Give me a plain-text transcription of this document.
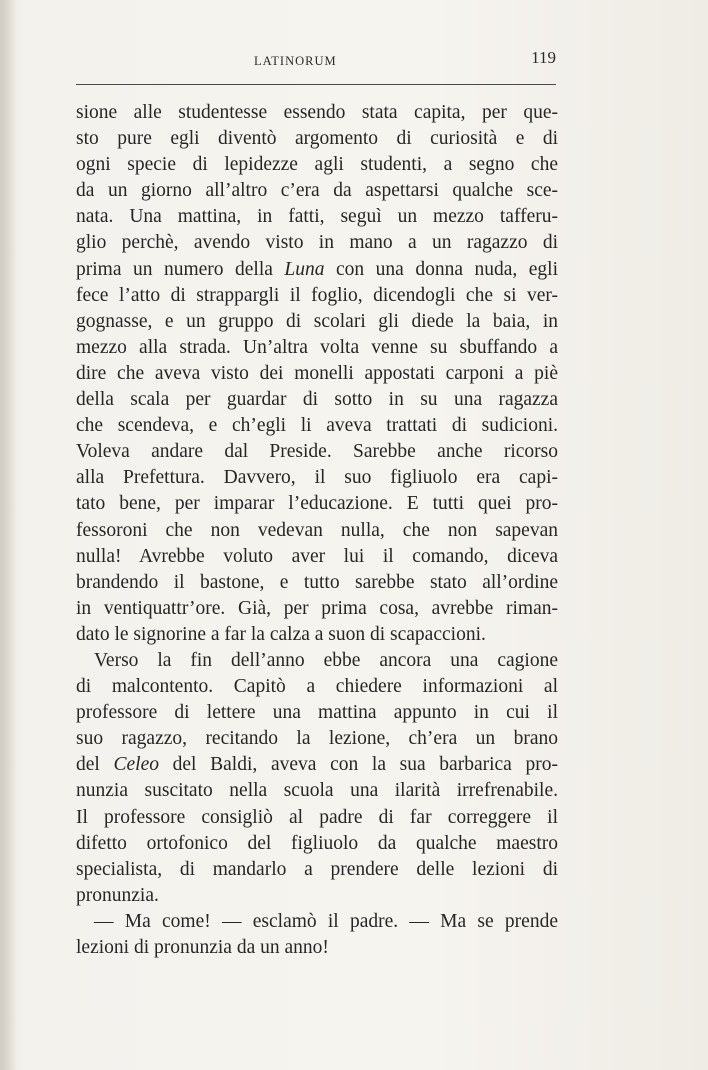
LATINORUM	119
sione alle studentesse essendo stata capita, per que-
sto pure egli diventò argomento di curiosità e di
ogni specie di lepidezze agli studenti, a segno che
da un giorno all’altro c’era da aspettarsi qualche sce-
nata. Una mattina, in fatti, seguì un mezzo tafferu-
glio perchè, avendo visto in mano a un ragazzo di
prima un numero della Luna con una donna nuda, egli
fece l’atto di strappargli il foglio, dicendogli che si ver-
gognasse, e un gruppo di scolari gli diede la baia, in
mezzo alla strada. Un’altra volta venne su sbuffando a
dire che aveva visto dei monelli appostati carponi a piè
della scala per guardar di sotto in su una ragazza
che scendeva, e ch’egli li aveva trattati di sudicioni.
Voleva andare dal Preside. Sarebbe anche ricorso
alla Prefettura. Davvero, il suo figliuolo era capi-
tato bene, per imparar l’educazione. E tutti quei pro-
fessoroni che non vedevan nulla, che non sapevan
nulla! Avrebbe voluto aver lui il comando, diceva
brandendo il bastone, e tutto sarebbe stato all’ordine
in ventiquattr’ore. Già, per prima cosa, avrebbe riman-
dato le signorine a far la calza a suon di scapaccioni.
Verso la fin dell’anno ebbe ancora una cagione
di malcontento. Capitò a chiedere informazioni al
professore di lettere una mattina appunto in cui il
suo ragazzo, recitando la lezione, ch’era un brano
del Celeo del Baldi, aveva con la sua barbarica pro-
nunzia suscitato nella scuola una ilarità irrefrenabile.
Il professore consigliò al padre di far correggere il
difetto ortofonico del figliuolo da qualche maestro
specialista, di mandarlo a prendere delle lezioni di
pronunzia.
— Ma come! — esclamò il padre. — Ma se prende
lezioni di pronunzia da un anno!
